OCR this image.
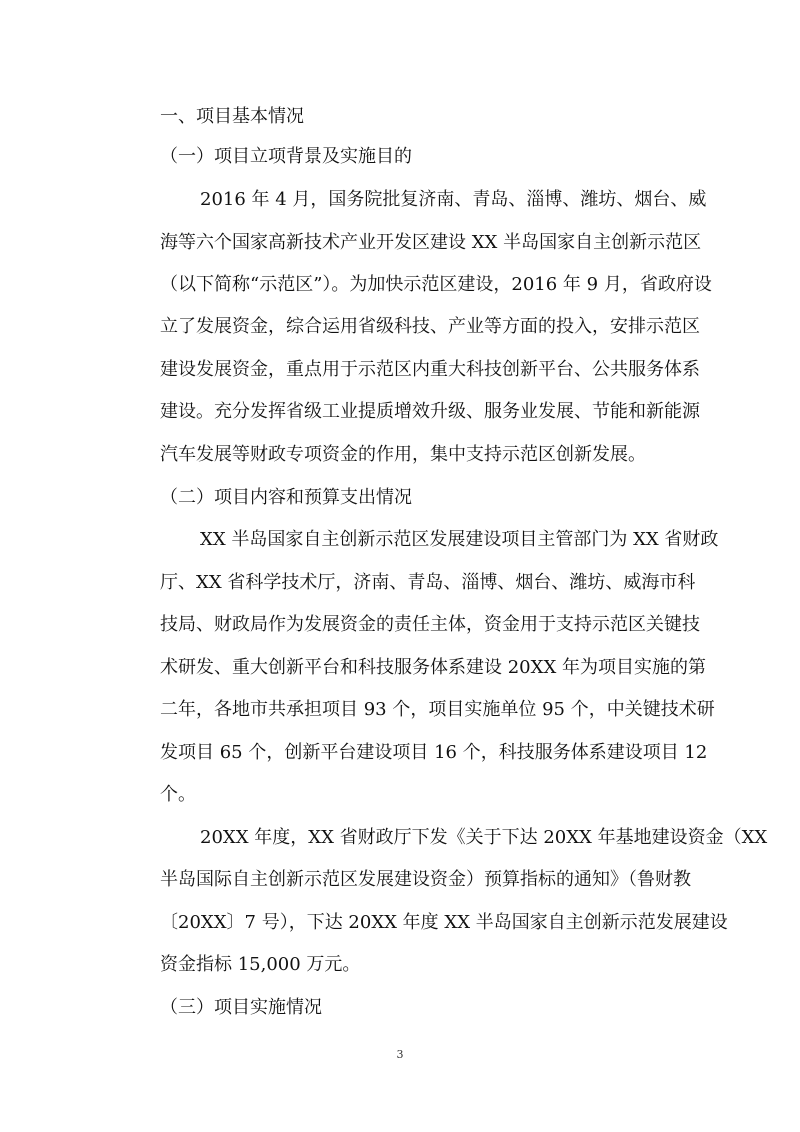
一、项目基本情况
（一）项目立项背景及实施目的
2016 年 4 月，国务院批复济南、青岛、淄博、潍坊、烟台、威
海等六个国家高新技术产业开发区建设 XX 半岛国家自主创新示范区
（以下简称“示范区”）。为加快示范区建设，2016 年 9 月，省政府设
立了发展资金，综合运用省级科技、产业等方面的投入，安排示范区
建设发展资金，重点用于示范区内重大科技创新平台、公共服务体系
建设。充分发挥省级工业提质增效升级、服务业发展、节能和新能源
汽车发展等财政专项资金的作用，集中支持示范区创新发展。
（二）项目内容和预算支出情况
XX 半岛国家自主创新示范区发展建设项目主管部门为 XX 省财政
厅、XX 省科学技术厅，济南、青岛、淄博、烟台、潍坊、威海市科
技局、财政局作为发展资金的责任主体，资金用于支持示范区关键技
术研发、重大创新平台和科技服务体系建设 20XX 年为项目实施的第
二年，各地市共承担项目 93 个，项目实施单位 95 个，中关键技术研
发项目 65 个，创新平台建设项目 16 个，科技服务体系建设项目 12
个。
20XX 年度，XX 省财政厅下发《关于下达 20XX 年基地建设资金（XX
半岛国际自主创新示范区发展建设资金）预算指标的通知》（鲁财教
〔20XX〕7 号），下达 20XX 年度 XX 半岛国家自主创新示范发展建设
资金指标 15,000 万元。
（三）项目实施情况
3
